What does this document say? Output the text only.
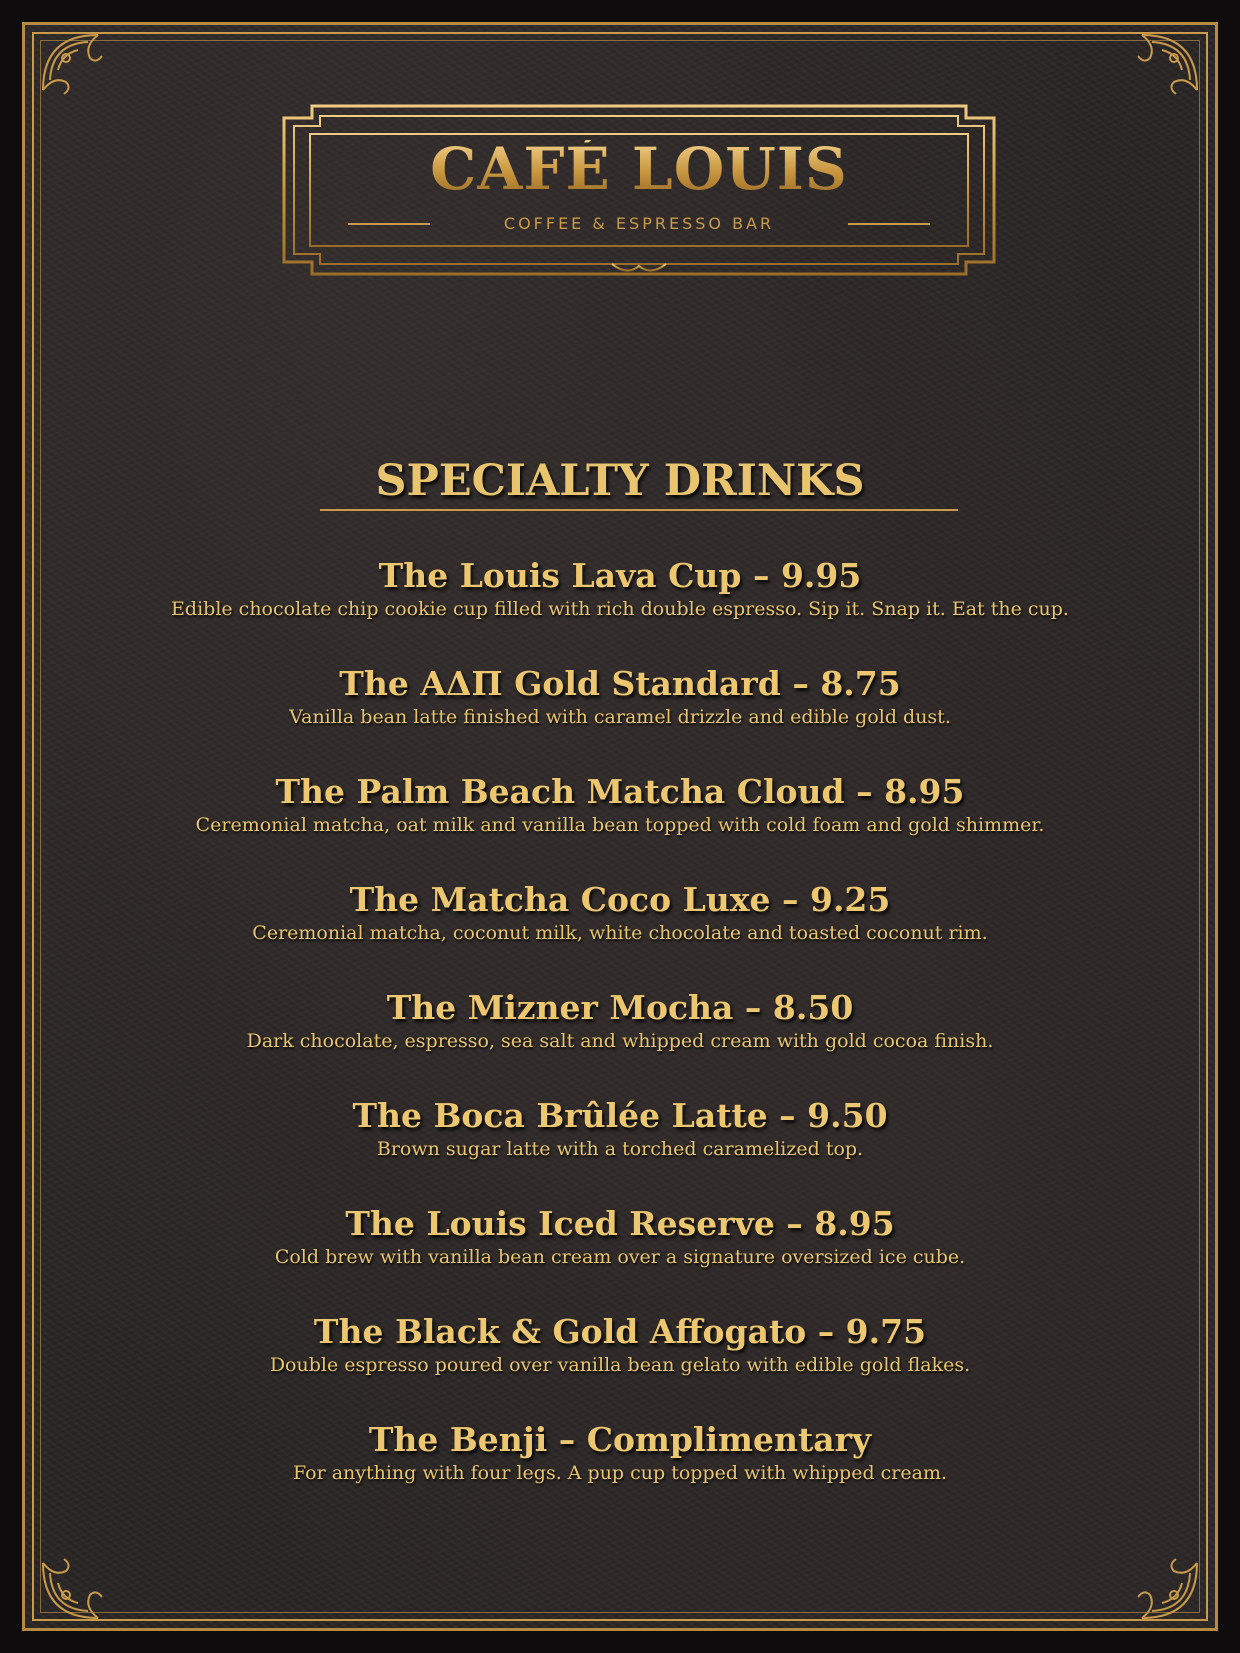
CAFÉ LOUIS
COFFEE & ESPRESSO BAR
SPECIALTY DRINKS
The Louis Lava Cup – 9.95
Edible chocolate chip cookie cup filled with rich double espresso. Sip it. Snap it. Eat the cup.
The ΑΔΠ Gold Standard – 8.75
Vanilla bean latte finished with caramel drizzle and edible gold dust.
The Palm Beach Matcha Cloud – 8.95
Ceremonial matcha, oat milk and vanilla bean topped with cold foam and gold shimmer.
The Matcha Coco Luxe – 9.25
Ceremonial matcha, coconut milk, white chocolate and toasted coconut rim.
The Mizner Mocha – 8.50
Dark chocolate, espresso, sea salt and whipped cream with gold cocoa finish.
The Boca Brûlée Latte – 9.50
Brown sugar latte with a torched caramelized top.
The Louis Iced Reserve – 8.95
Cold brew with vanilla bean cream over a signature oversized ice cube.
The Black & Gold Affogato – 9.75
Double espresso poured over vanilla bean gelato with edible gold flakes.
The Benji – Complimentary
For anything with four legs. A pup cup topped with whipped cream.
